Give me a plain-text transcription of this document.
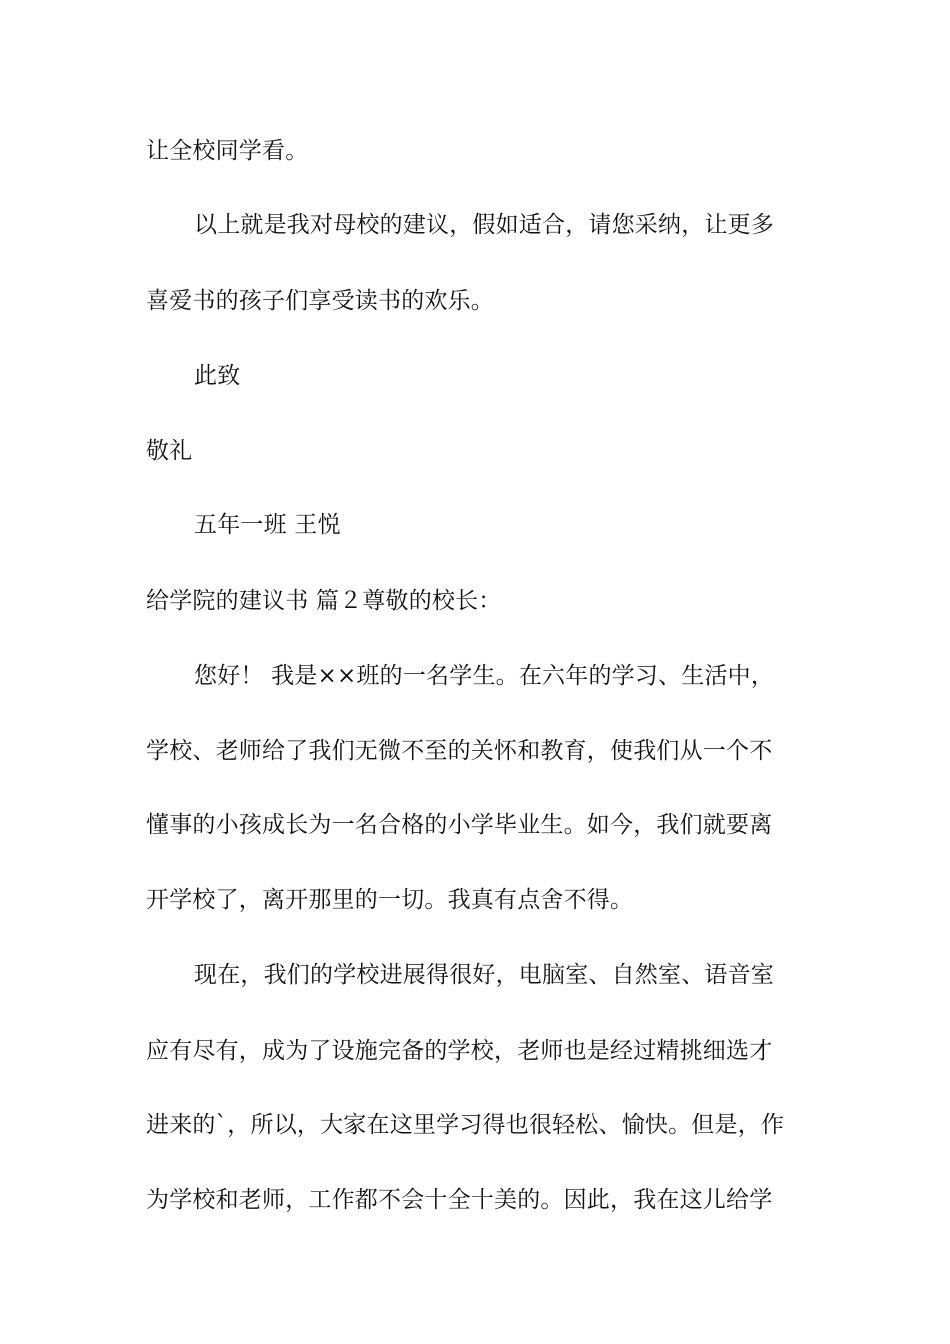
让全校同学看。
以上就是我对母校的建议，假如适合，请您采纳，让更多
喜爱书的孩子们享受读书的欢乐。
此致
敬礼
五年一班 王悦
给学院的建议书 篇２尊敬的校长：
您好！ 我是××班的一名学生。在六年的学习、生活中，
学校、老师给了我们无微不至的关怀和教育，使我们从一个不
懂事的小孩成长为一名合格的小学毕业生。如今，我们就要离
开学校了，离开那里的一切。我真有点舍不得。
现在，我们的学校进展得很好，电脑室、自然室、语音室
应有尽有，成为了设施完备的学校，老师也是经过精挑细选才
进来的`，所以，大家在这里学习得也很轻松、愉快。但是，作
为学校和老师，工作都不会十全十美的。因此，我在这儿给学
